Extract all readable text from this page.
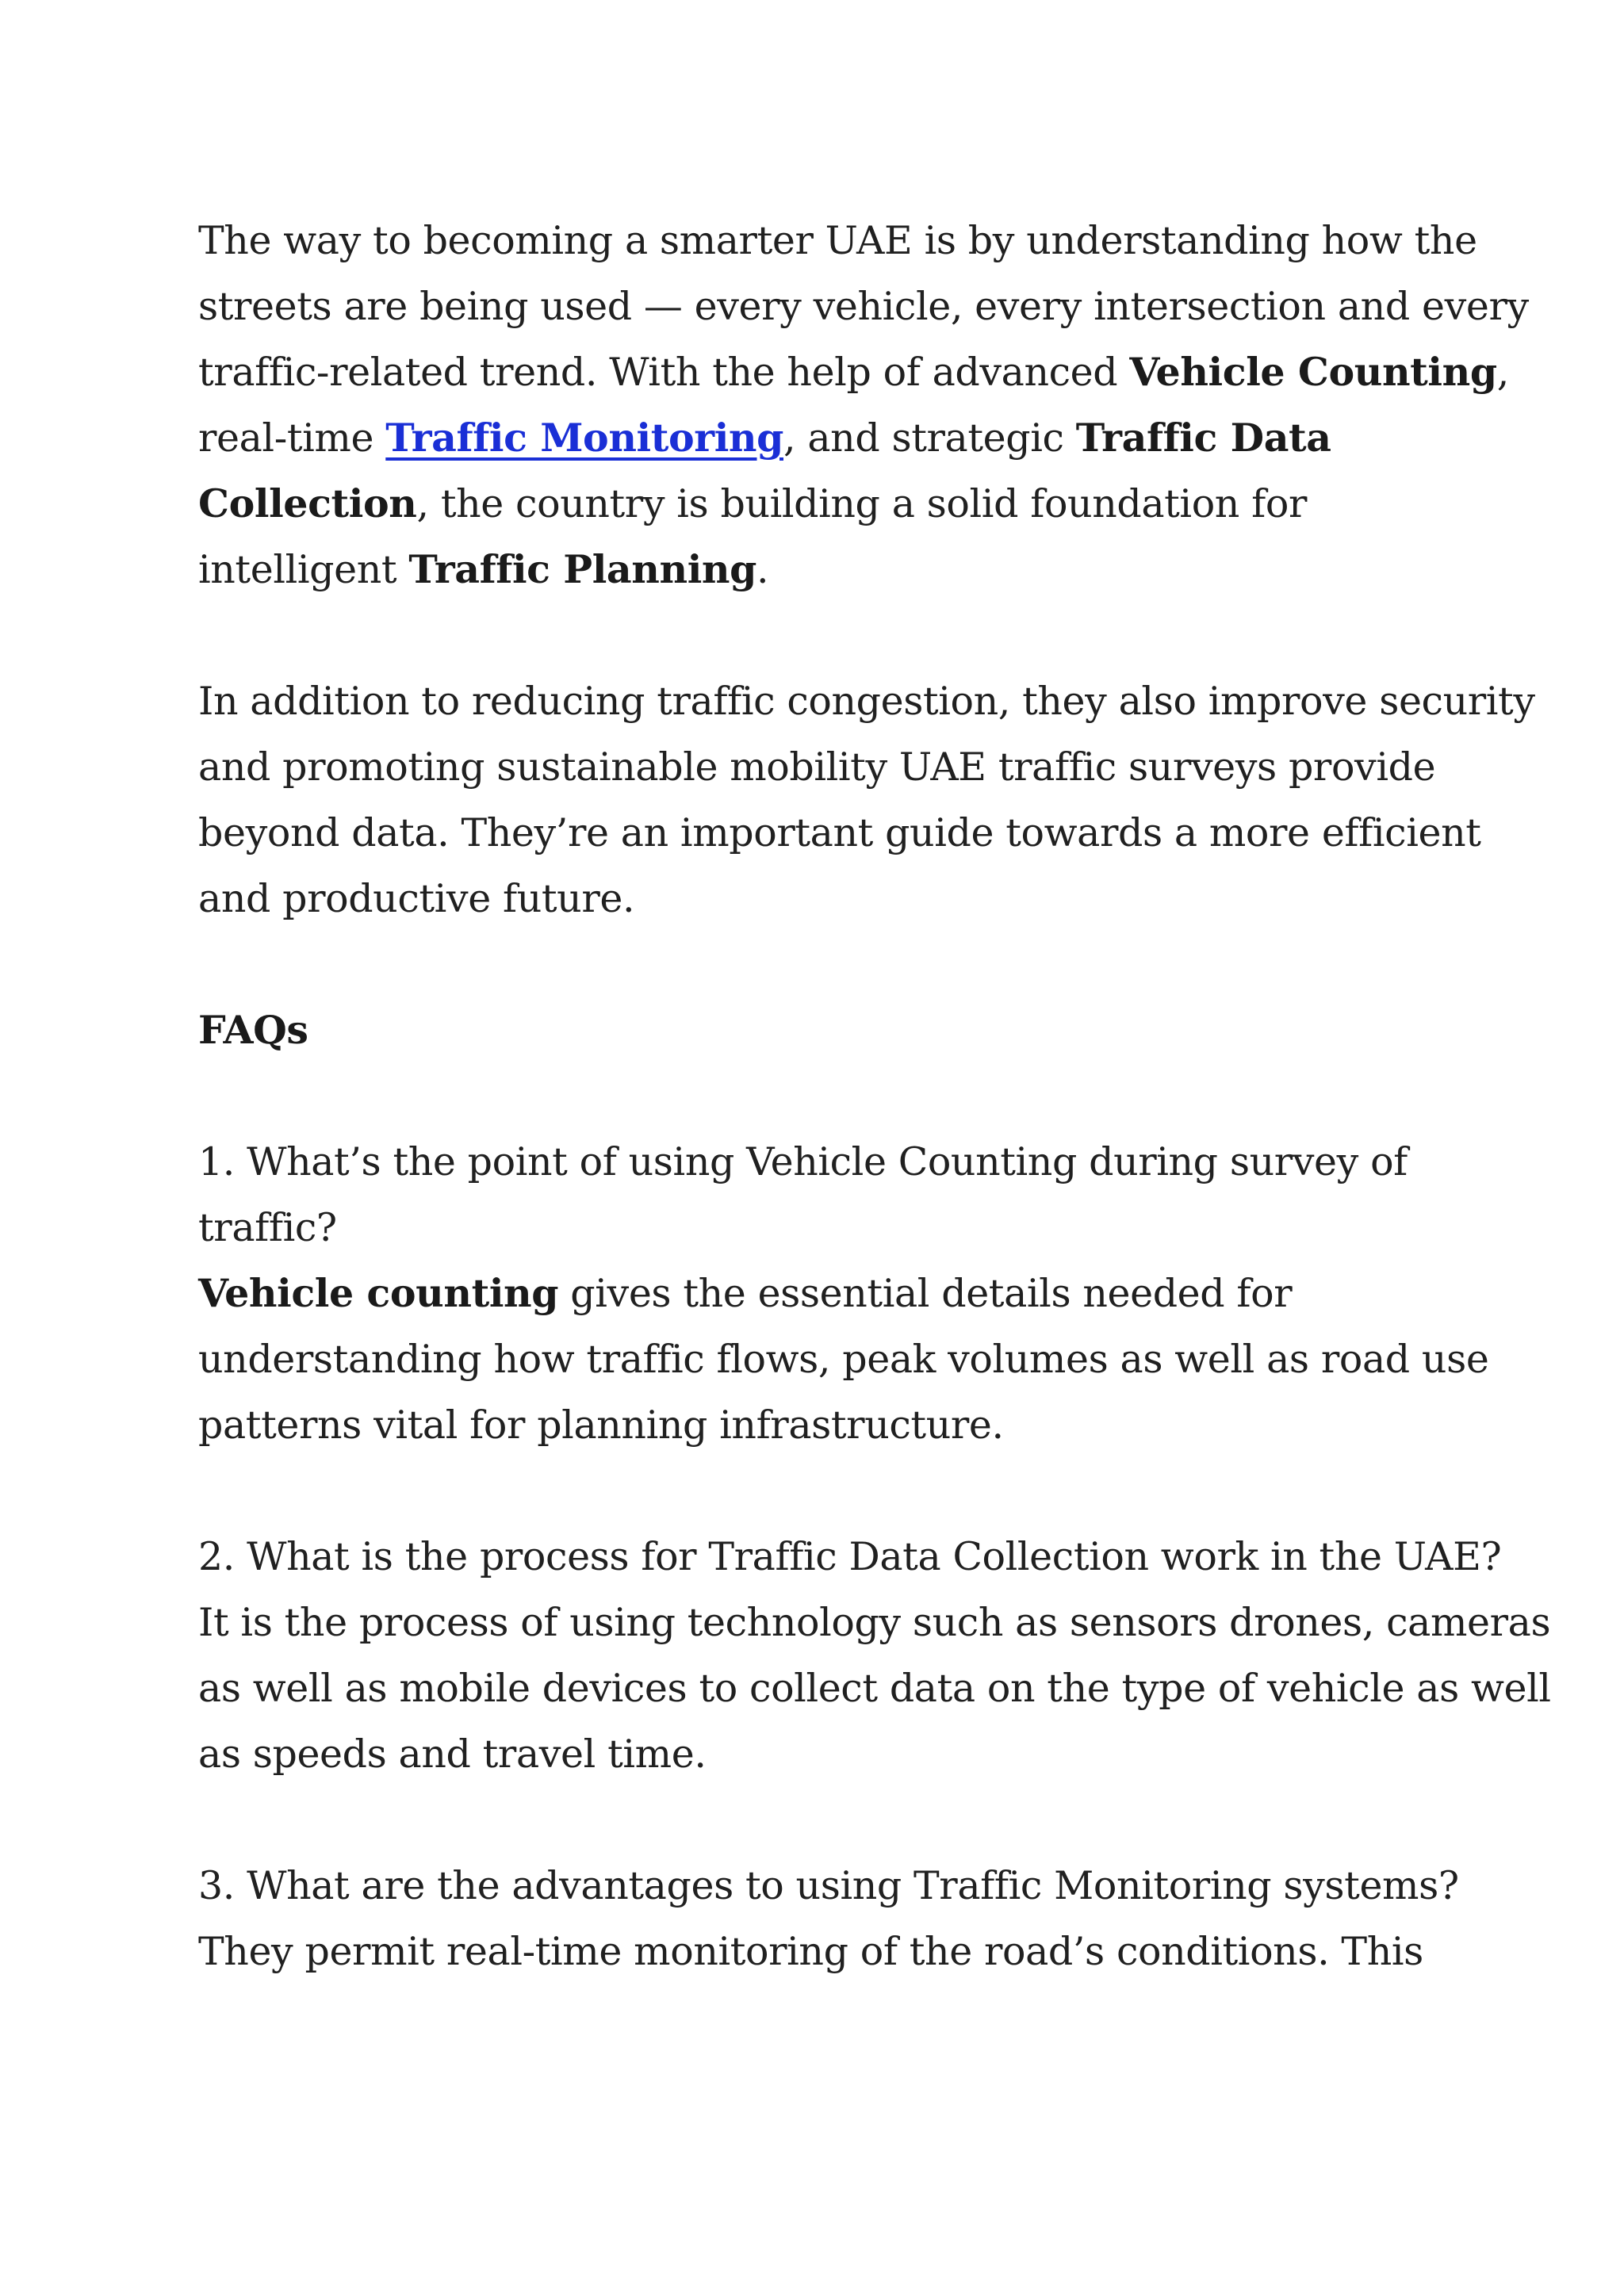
The way to becoming a smarter UAE is by understanding how the
streets are being used — every vehicle, every intersection and every
traffic-related trend. With the help of advanced Vehicle Counting,
real-time Traffic Monitoring, and strategic Traffic Data
Collection, the country is building a solid foundation for
intelligent Traffic Planning.
In addition to reducing traffic congestion, they also improve security
and promoting sustainable mobility UAE traffic surveys provide
beyond data. They’re an important guide towards a more efficient
and productive future.
FAQs
1. What’s the point of using Vehicle Counting during survey of
traffic?
Vehicle counting gives the essential details needed for
understanding how traffic flows, peak volumes as well as road use
patterns vital for planning infrastructure.
2. What is the process for Traffic Data Collection work in the UAE?
It is the process of using technology such as sensors drones, cameras
as well as mobile devices to collect data on the type of vehicle as well
as speeds and travel time.
3. What are the advantages to using Traffic Monitoring systems?
They permit real-time monitoring of the road’s conditions. This
